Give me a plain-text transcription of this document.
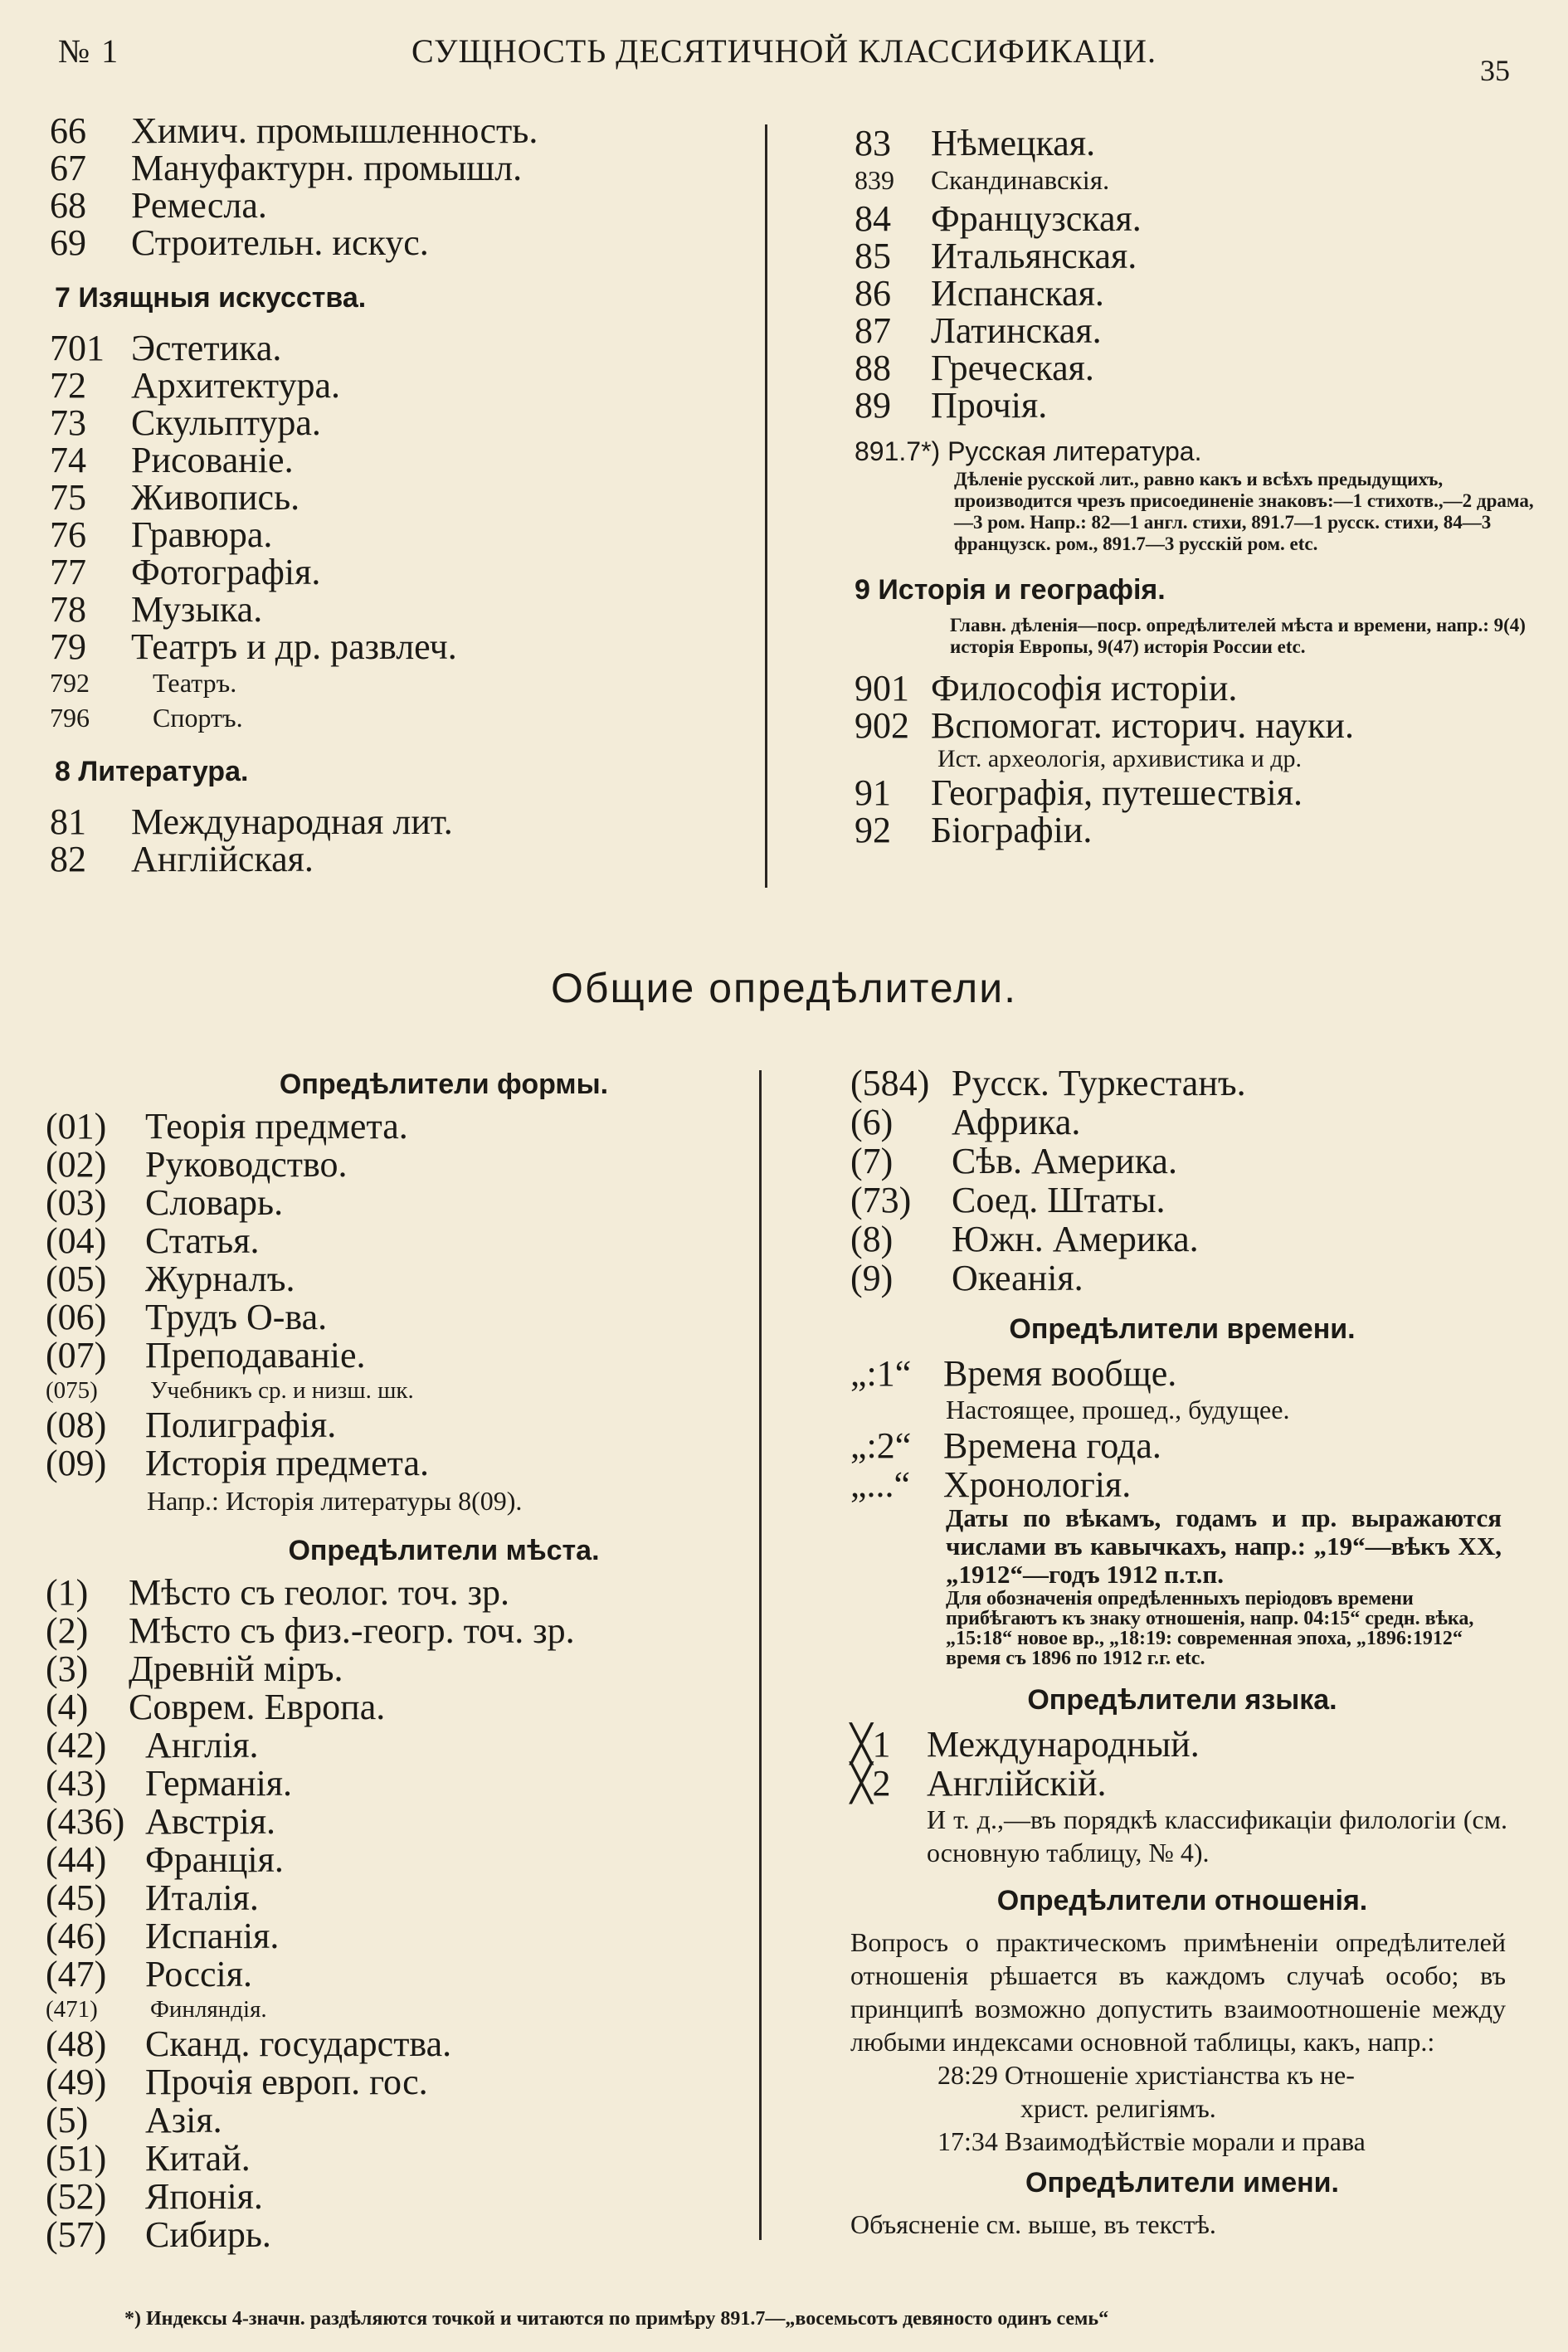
№ 1	СУЩНОСТЬ ДЕСЯТИЧНОЙ КЛАССИФИКАЦИ.
35
66	Химич. промышленность.
67	Мануфактурн. промышл.
68	Ремесла.
69	Строительн. искус.
7 Изящныя искусства.
701 Эстетика.
72	Архитектура.
73	Скульптура.
74	Рисованіе.
75	Живопись.
76	Гравюра.
77	Фотографія.
78	Музыка.
79	Театръ и др. развлеч.
792	Театръ.
796	Спортъ.
8 Литература.
81	Международная лит.
82	Англійская.
83	Нѣмецкая.
839	Скандинавскія.
84	Французская.
85	Итальянская.
86	Испанская.
87	Латинская.
88	Греческая.
89	Прочія.
891.7*) Русская литература.
Дѣленіе русской лит., равно какъ и всѣхъ предыдущихъ, производится чрезъ присоединеніе знаковъ:—1 стихотв.,—2 драма,—3 ром. Напр.: 82—1 англ. стихи, 891.7—1 русск. стихи, 84—3 французск. ром., 891.7—3 русскій ром. etc.
9 Исторія и географія.
Главн. дѣленія—поср. опредѣлителей мѣста и времени, напр.: 9(4) исторія Европы, 9(47) исторія России etc.
901 Философія исторіи.
902 Вспомогат. историч. науки.
Ист. археологія, архивистика и др.
91	Географія, путешествія.
92	Біографіи.
Общие опредѣлители.
Опредѣлители формы.
(01)	Теорія предмета.
(02)	Руководство.
(03)	Словарь.
(04)	Статья.
(05)	Журналъ.
(06)	Трудъ О-ва.
(07)	Преподаваніе.
(075)	Учебникъ ср. и низш. шк.
(08)	Полиграфія.
(09)	Исторія предмета.
Напр.: Исторія литературы 8(09).
Опредѣлители мѣста.
(1)	Мѣсто съ геолог. точ. зр.
(2)	Мѣсто съ физ.-геогр. точ. зр.
(3)	Древній міръ.
(4)	Соврем. Европа.
(42)	Англія.
(43)	Германія.
(436) Австрія.
(44)	Франція.
(45)	Италія.
(46)	Испанія.
(47)	Россія.
(471)	Финляндія.
(48)	Сканд. государства.
(49)	Прочія европ. гос.
(5)	Азія.
(51)	Китай.
(52)	Японія.
(57)	Сибирь.
(584) Русск. Туркестанъ.
(6)	Африка.
(7)	Сѣв. Америка.
(73)	Соед. Штаты.
(8)	Южн. Америка.
(9)	Океанія.
Опредѣлители времени.
„:1“ Время вообще.
Настоящее, прошед., будущее.
„:2“ Времена года.
„...“ Хронологія.
Даты по вѣкамъ, годамъ и пр. выражаются числами въ кавычкахъ, напр.: „19“—вѣкъ XX, „1912“—годъ 1912 п.т.п.
Для обозначенія опредѣленныхъ періодовъ времени прибѣгаютъ къ знаку отношенія, напр. 04:15“ средн. вѣка, „15:18“ новое вр., „18:19: современная эпоха, „1896:1912“ время съ 1896 по 1912 г.г. etc.
Опредѣлители языка.
╳1 Международный.
╳2 Англійскій.
И т. д.,—въ порядкѣ классификаціи филологіи (см. основную таблицу, № 4).
Опредѣлители отношенія.
Вопросъ о практическомъ примѣненіи опредѣлителей отношенія рѣшается въ каждомъ случаѣ особо; въ принципѣ возможно допустить взаимоотношеніе между любыми индексами основной таблицы, какъ, напр.:
28:29 Отношеніе христіанства къ не-
христ. религіямъ.
17:34 Взаимодѣйствіе морали и права
Опредѣлители имени.
Объясненіе см. выше, въ текстѣ.
*) Индексы 4-значн. раздѣляются точкой и читаются по примѣру 891.7—„восемьсотъ девяносто одинъ семь“
